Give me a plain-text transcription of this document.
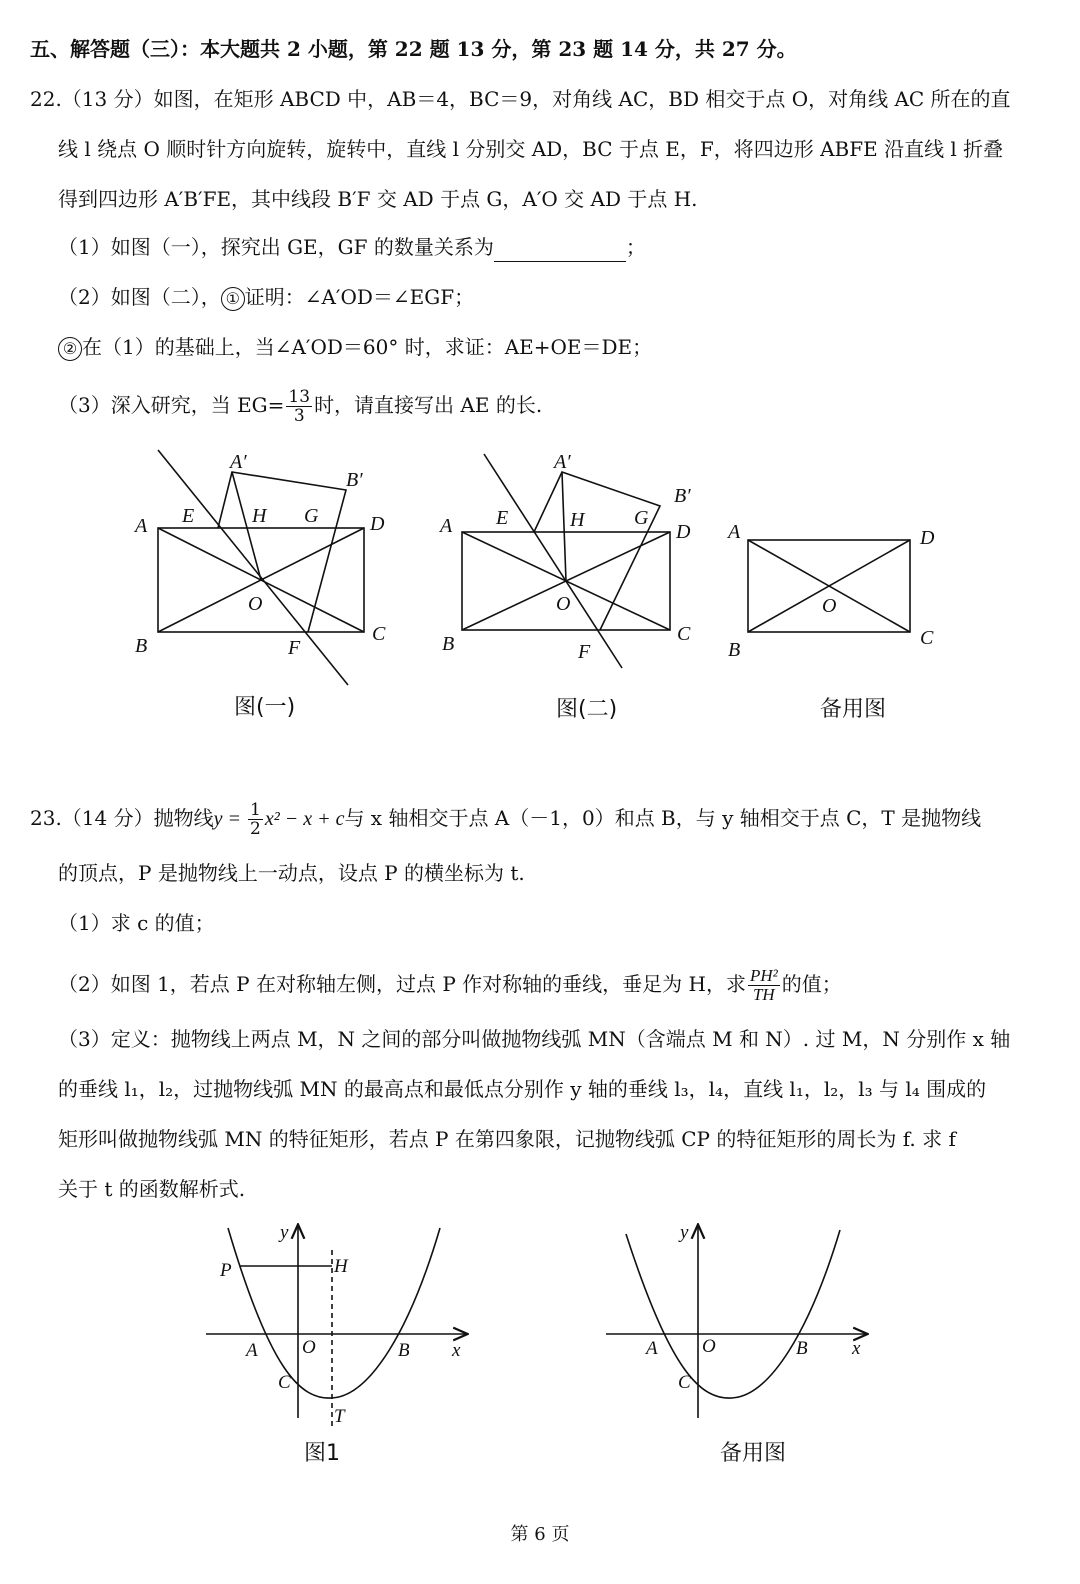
五、解答题（三）：本大题共 2 小题，第 22 题 13 分，第 23 题 14 分，共 27 分。
22.（13 分）如图，在矩形 ABCD 中，AB＝4，BC＝9，对角线 AC，BD 相交于点 O，对角线 AC 所在的直
线 l 绕点 O 顺时针方向旋转，旋转中，直线 l 分别交 AD，BC 于点 E，F，将四边形 ABFE 沿直线 l 折叠
得到四边形 A′B′FE，其中线段 B′F 交 AD 于点 G，A′O 交 AD 于点 H.
（1）如图（一），探究出 GE，GF 的数量关系为	；
（2）如图（二）， ① 证明：∠A′OD＝∠EGF；
② 在（1）的基础上，当∠A′OD＝60° 时，求证：AE+OE＝DE；
（3）深入研究，当 $EG= \frac{13}{3}$ 时，请直接写出 AE 的长.
A
B
C
D
E
F
G
H
O
A′
B′
图(一)
A
B	C
D
E
F
G
H
O
A′
B′
图(二)
A
B
C
D
O
备用图
23.（14 分）抛物线$y = \frac{1}{2} x^2 - x + c$与 x 轴相交于点 A（－1，0）和点 B，与 y 轴相交于点 C，T 是抛物线
的顶点，P 是抛物线上一动点，设点 P 的横坐标为 t.
（1）求 c 的值；
（2）如图 1，若点 P 在对称轴左侧，过点 P 作对称轴的垂线，垂足为 H，求 $\frac{\text{PH²}}{TH}$ 的值；
（3）定义：抛物线上两点 M，N 之间的部分叫做抛物线弧 MN（含端点 M 和 N）. 过 M，N 分别作 x 轴
的垂线 l₁，l₂，过抛物线弧 MN 的最高点和最低点分别作 y 轴的垂线 l₃，l₄，直线 l₁，l₂，l₃ 与 l₄ 围成的
矩形叫做抛物线弧 MN 的特征矩形，若点 P 在第四象限，记抛物线弧 CP 的特征矩形的周长为 f. 求 f
关于 t 的函数解析式.
y
x
O
A	B
C
P	H
T
图1
y
x
O
A	B
C
备用图
第 6 页
